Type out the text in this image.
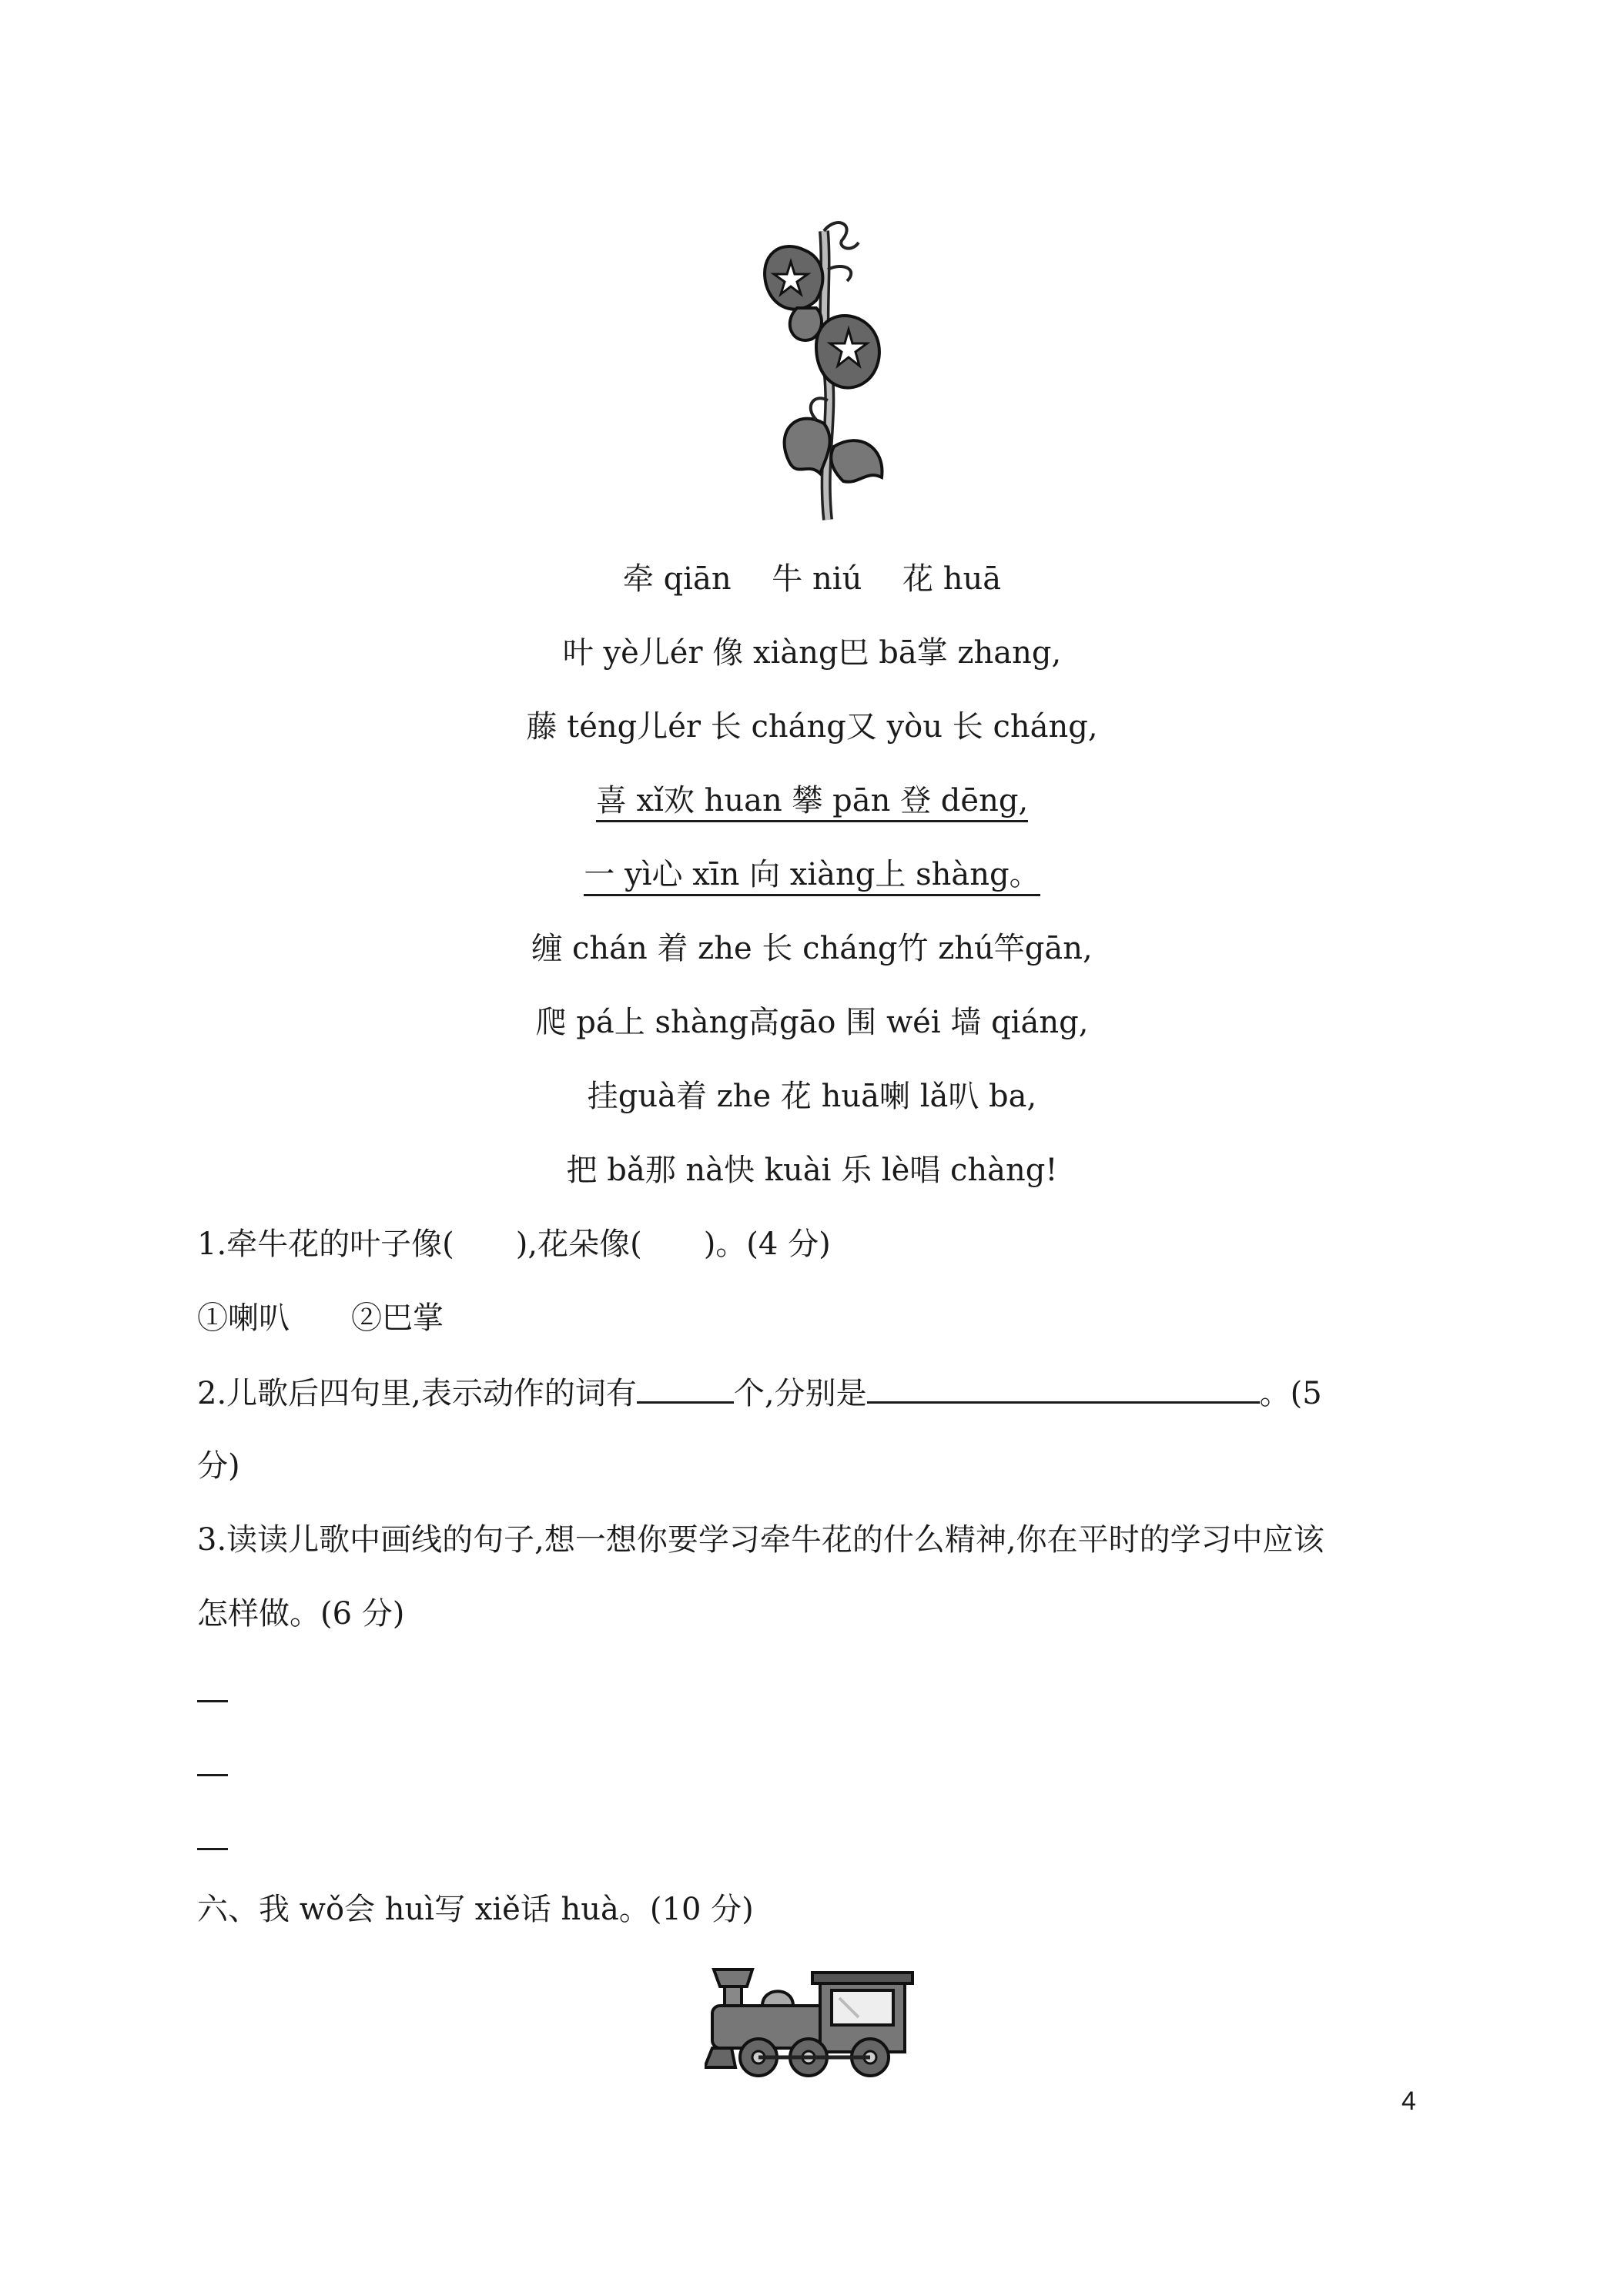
牵 qiān　 牛 niú　 花 huā
叶 yè儿ér 像 xiàng巴 bā掌 zhang,
藤 téng儿ér 长 cháng又 yòu 长 cháng,
喜 xǐ欢 huan 攀 pān 登 dēng,
一 yì心 xīn 向 xiàng上 shàng。
缠 chán 着 zhe 长 cháng竹 zhú竿gān,
爬 pá上 shàng高gāo 围 wéi 墙 qiáng,
挂guà着 zhe 花 huā喇 lǎ叭 ba,
把 bǎ那 nà快 kuài 乐 lè唱 chàng!
1.牵牛花的叶子像(　　),花朵像(　　)。(4 分)
①喇叭　　②巴掌
2.儿歌后四句里,表示动作的词有	个,分别是	。(5
分)
3.读读儿歌中画线的句子,想一想你要学习牵牛花的什么精神,你在平时的学习中应该
怎样做。(6 分)
六、我 wǒ会 huì写 xiě话 huà。(10 分)
4
